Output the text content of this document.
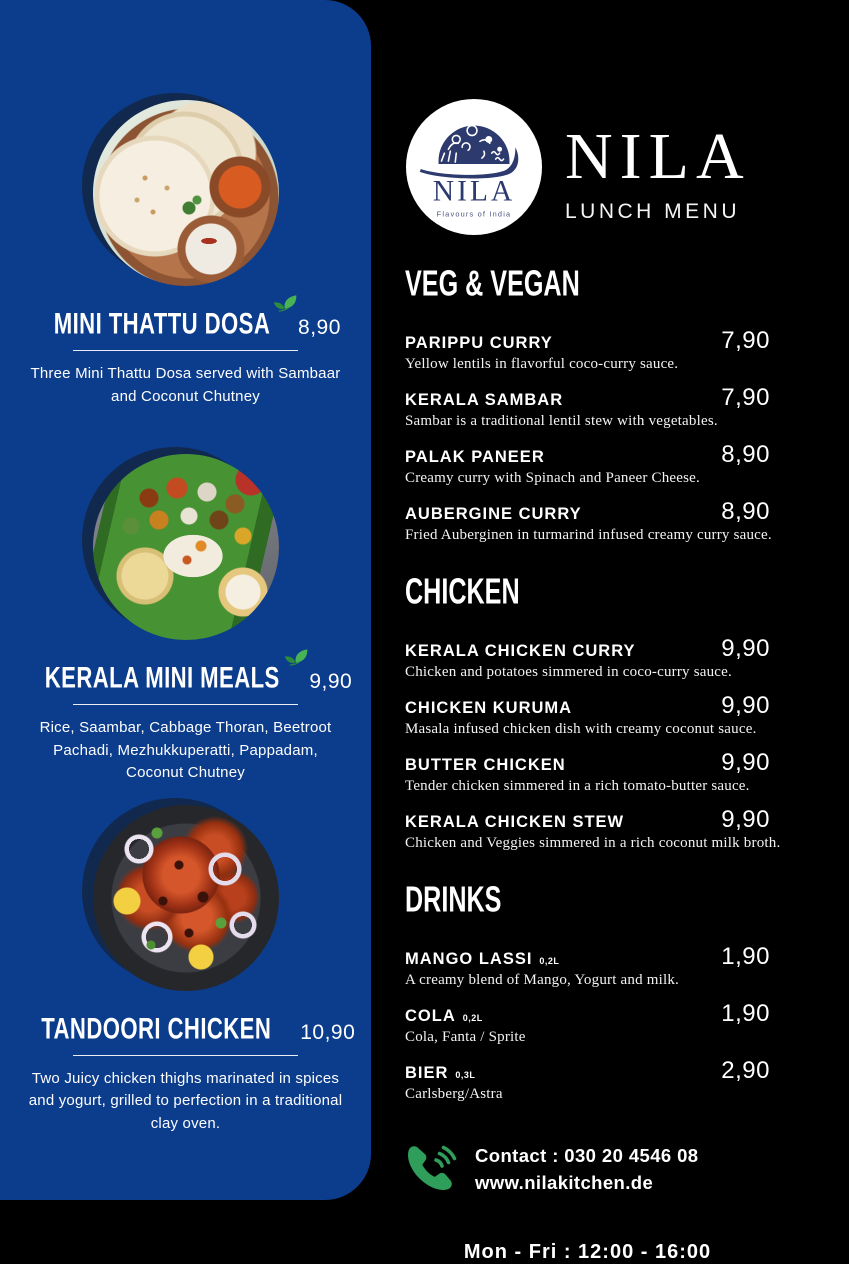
MINI THATTU DOSA 8,90

Three Mini Thattu Dosa served with Sambaar and Coconut Chutney

KERALA MINI MEALS 9,90

Rice, Saambar, Cabbage Thoran, Beetroot Pachadi, Mezhukkuperatti, Pappadam, Coconut Chutney

TANDOORI CHICKEN 10,90

Two Juicy chicken thighs marinated in spices and yogurt, grilled to perfection in a traditional clay oven.

NILA
Flavours of India
NILA
LUNCH MENU
VEG & VEGAN
PARIPPU CURRY	7,90

Yellow lentils in flavorful coco-curry sauce.

KERALA SAMBAR	7,90

Sambar is a traditional lentil stew with vegetables.

PALAK PANEER	8,90

Creamy curry with Spinach and Paneer Cheese.

AUBERGINE CURRY	8,90

Fried Auberginen in turmarind infused creamy curry sauce.

CHICKEN
KERALA CHICKEN CURRY	9,90

Chicken and potatoes simmered in coco-curry sauce.

CHICKEN KURUMA	9,90

Masala infused chicken dish with creamy coconut sauce.

BUTTER CHICKEN	9,90

Tender chicken simmered in a rich tomato-butter sauce.

KERALA CHICKEN STEW	9,90

Chicken and Veggies simmered in a rich coconut milk broth.

DRINKS
MANGO LASSI 0,2L	1,90

A creamy blend of Mango, Yogurt and milk.

COLA 0,2L	1,90

Cola, Fanta / Sprite

BIER 0,3L	2,90

Carlsberg/Astra

Contact : 030 20 4546 08
www.nilakitchen.de
Mon - Fri : 12:00 - 16:00
